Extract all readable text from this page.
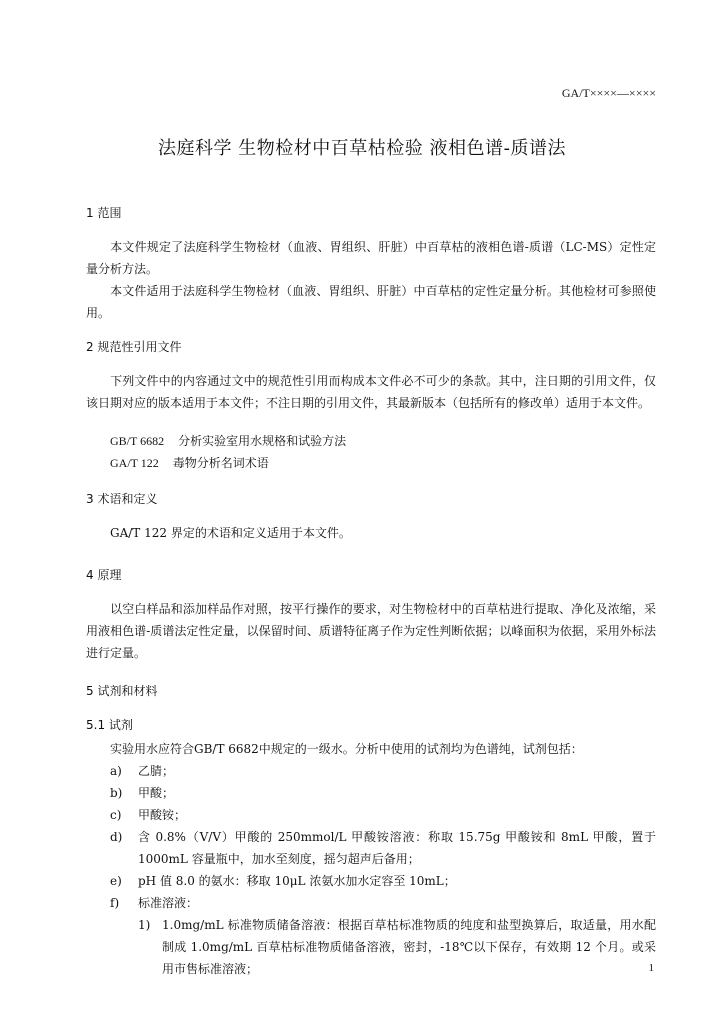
GA/T××××—××××
法庭科学 生物检材中百草枯检验 液相色谱-质谱法
1 范围
本文件规定了法庭科学生物检材（血液、胃组织、肝脏）中百草枯的液相色谱-质谱（LC-MS）定性定量分析方法。
本文件适用于法庭科学生物检材（血液、胃组织、肝脏）中百草枯的定性定量分析。其他检材可参照使用。
2 规范性引用文件
下列文件中的内容通过文中的规范性引用而构成本文件必不可少的条款。其中，注日期的引用文件，仅该日期对应的版本适用于本文件；不注日期的引用文件，其最新版本（包括所有的修改单）适用于本文件。
GB/T 6682 分析实验室用水规格和试验方法
GA/T 122 毒物分析名词术语
3 术语和定义
GA/T 122 界定的术语和定义适用于本文件。
4 原理
以空白样品和添加样品作对照，按平行操作的要求，对生物检材中的百草枯进行提取、净化及浓缩，采用液相色谱-质谱法定性定量，以保留时间、质谱特征离子作为定性判断依据；以峰面积为依据，采用外标法进行定量。
5 试剂和材料
5.1 试剂
实验用水应符合GB/T 6682中规定的一级水。分析中使用的试剂均为色谱纯，试剂包括：
a)	乙腈；
b)	甲酸；
c)	甲酸铵；
d)	含 0.8%（V/V）甲酸的 250mmol/L 甲酸铵溶液：称取 15.75g 甲酸铵和 8mL 甲酸，置于 1000mL 容量瓶中，加水至刻度，摇匀超声后备用；
e)	pH 值 8.0 的氨水：移取 10μL 浓氨水加水定容至 10mL；
f)	标准溶液：
1) 1.0mg/mL 标准物质储备溶液：根据百草枯标准物质的纯度和盐型换算后，取适量，用水配制成 1.0mg/mL 百草枯标准物质储备溶液，密封，-18℃以下保存，有效期 12 个月。或采用市售标准溶液；	1
